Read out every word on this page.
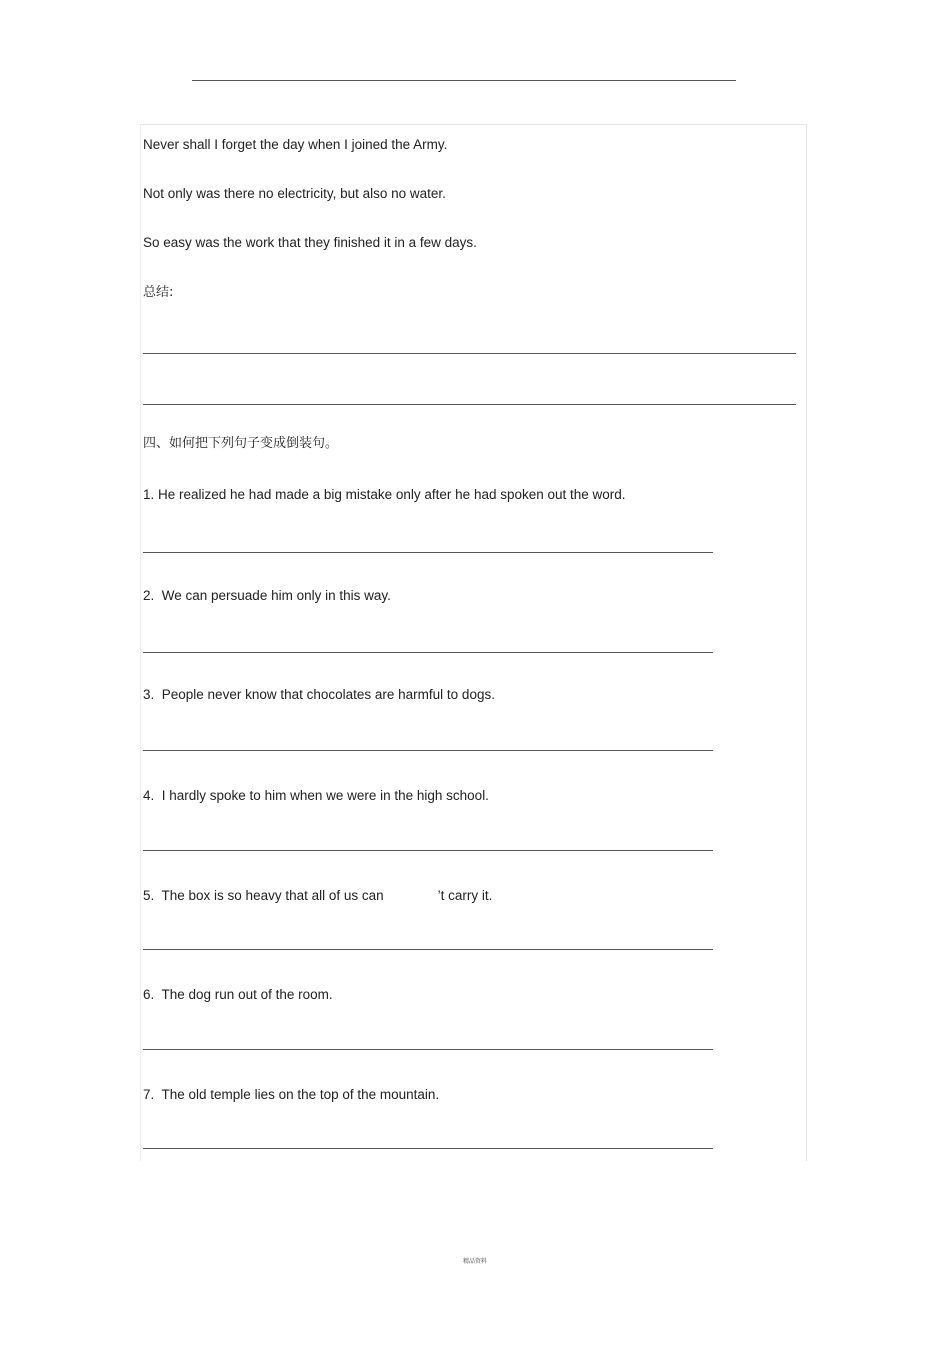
Never shall I forget the day when I joined the Army.
Not only was there no electricity, but also no water.
So easy was the work that they finished it in a few days.
总结:
四、如何把下列句子变成倒装句。
1. He realized he had made a big mistake only after he had spoken out the word.
2.  We can persuade him only in this way.
3.  People never know that chocolates are harmful to dogs.
4.  I hardly spoke to him when we were in the high school.
5.  The box is so heavy that all of us can	’t carry it.
6.  The dog run out of the room.
7.  The old temple lies on the top of the mountain.
精品资料
